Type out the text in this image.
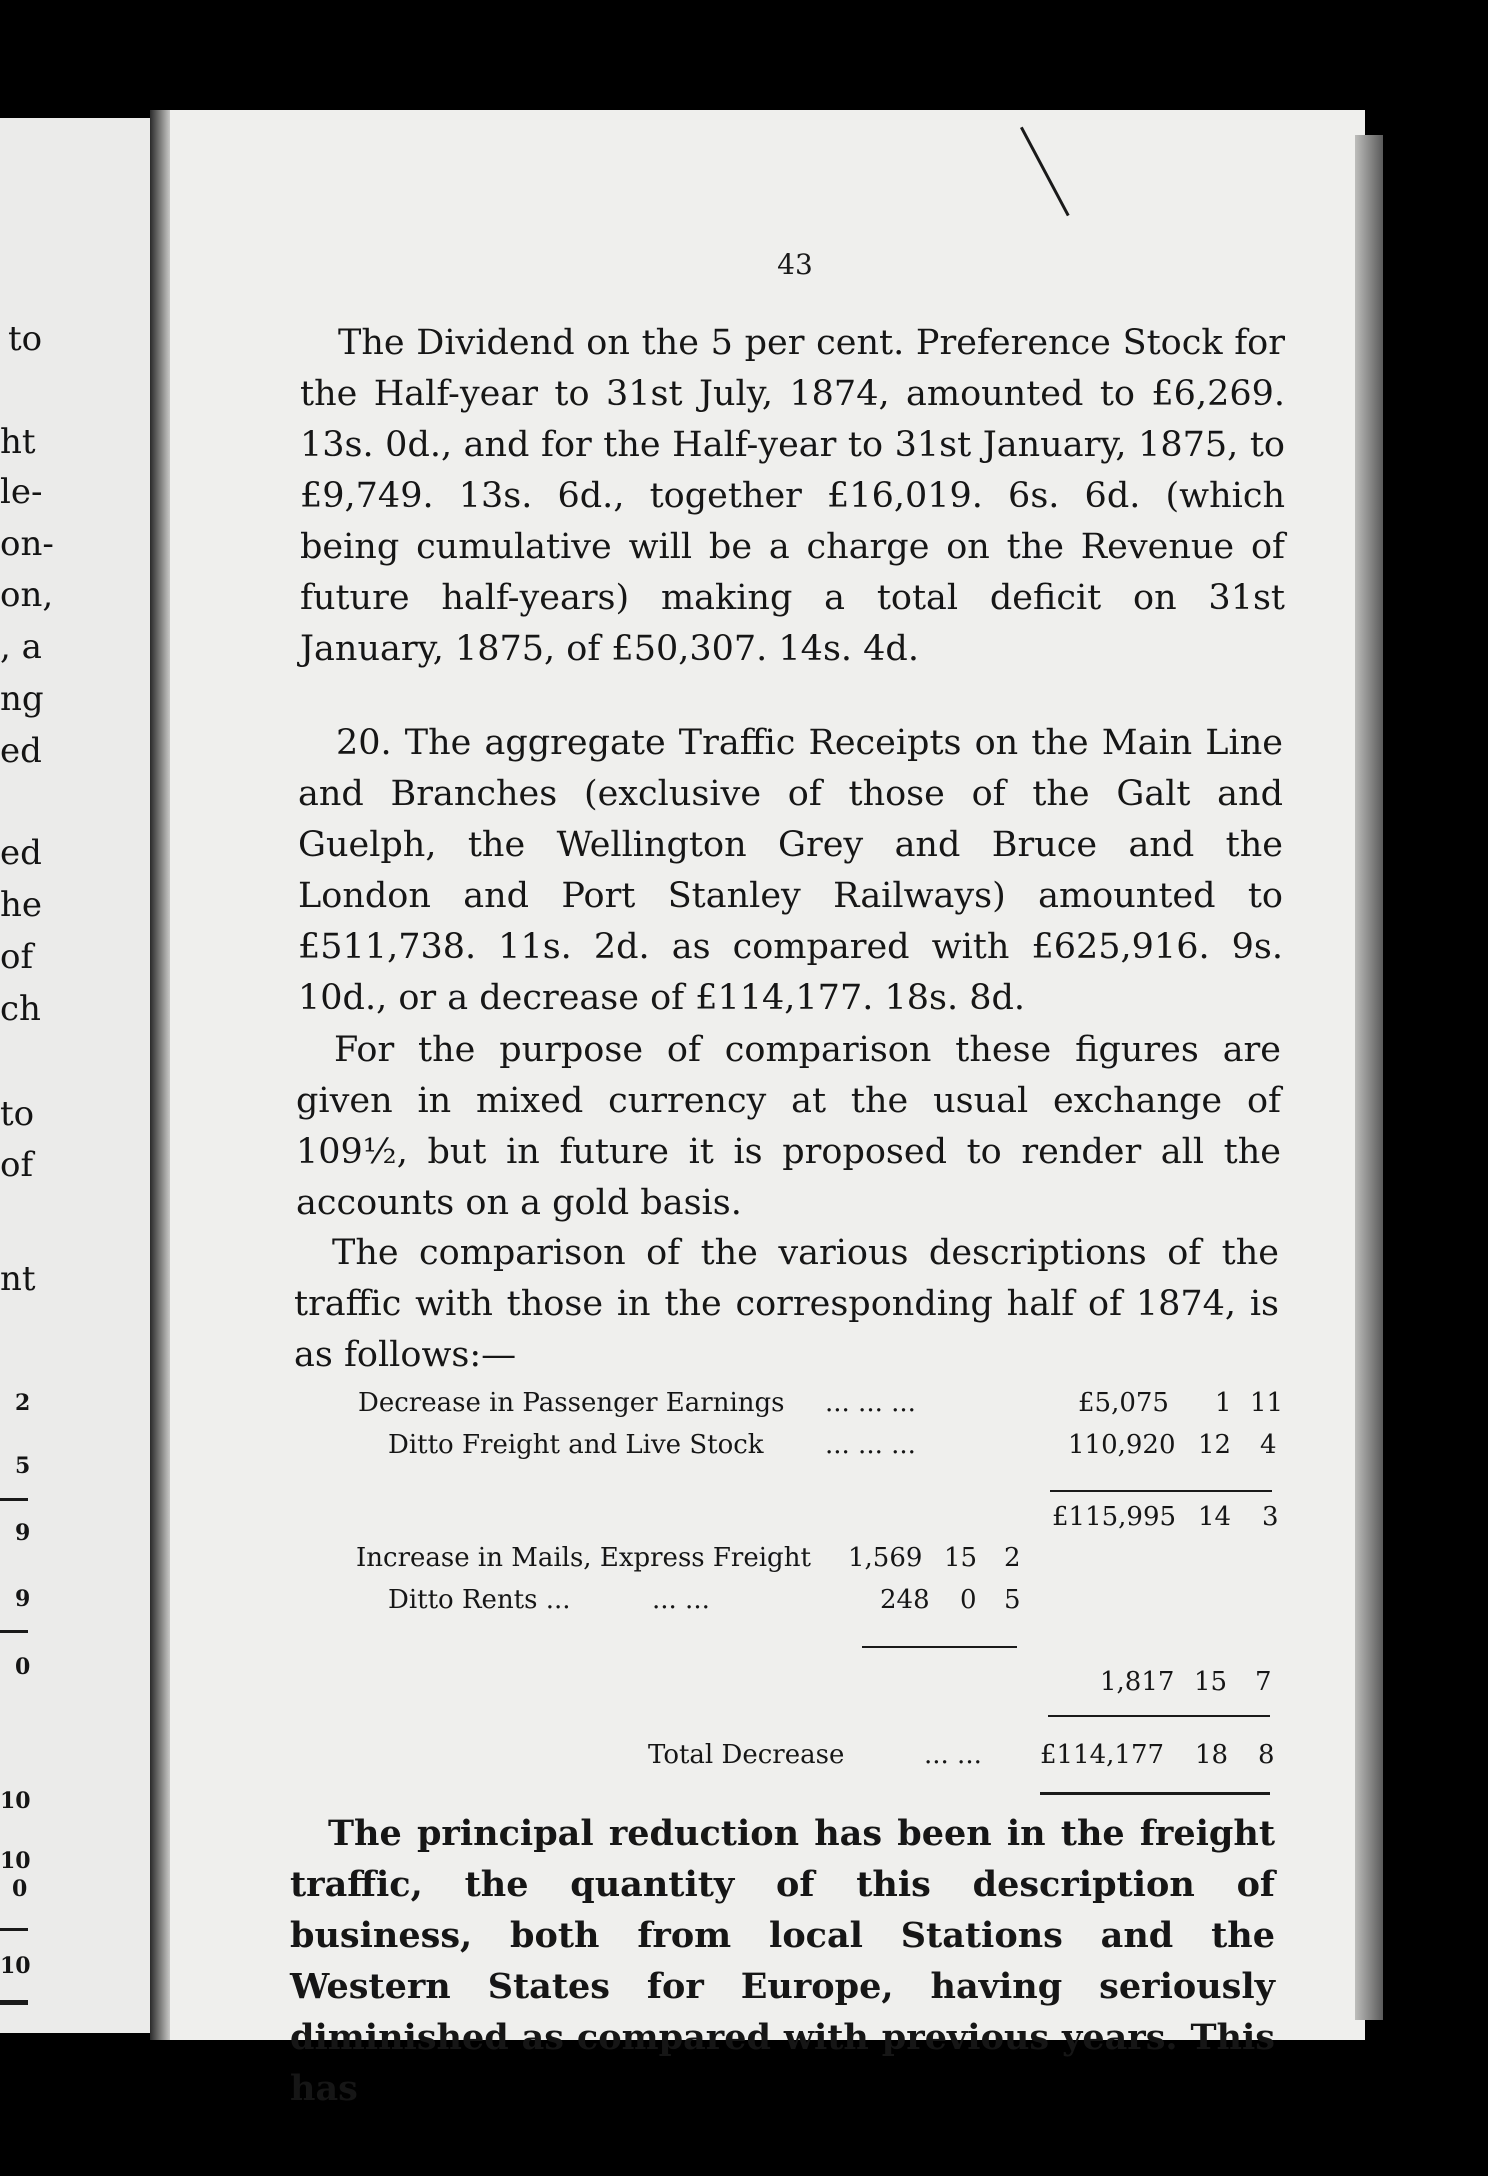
to
ht
le-
on-
on,
, a
ng
ed
ed
he
of
ch
to
of
nt
2
5
9
9
0
10
10
0
10
43
The Dividend on the 5 per cent. Preference Stock for the Half-year to 31st July, 1874, amounted to £6,269. 13s. 0d., and for the Half-year to 31st January, 1875, to £9,749. 13s. 6d., together £16,019. 6s. 6d. (which being cumulative will be a charge on the Revenue of future half-years) making a total deficit on 31st January, 1875, of £50,307. 14s. 4d.
20. The aggregate Traffic Receipts on the Main Line and Branches (exclusive of those of the Galt and Guelph, the Wellington Grey and Bruce and the London and Port Stanley Railways) amounted to £511,738. 11s. 2d. as compared with £625,916. 9s. 10d., or a decrease of £114,177. 18s. 8d.
For the purpose of comparison these figures are given in mixed currency at the usual exchange of 109½, but in future it is proposed to render all the accounts on a gold basis.
The comparison of the various descriptions of the traffic with those in the corresponding half of 1874, is as follows:—
Decrease in Passenger Earnings ... ... ...	£5,075 1 11
Ditto Freight and Live Stock ... ... ...	110,920 12 4
£115,995 14 3
Increase in Mails, Express Freight 1,569 15 2
Ditto Rents ...	... ...	248 0 5
1,817 15 7
Total Decrease	... ... £114,177 18 8
The principal reduction has been in the freight traffic, the quantity of this description of business, both from local Stations and the Western States for Europe, having seriously diminished as compared with previous years. This has
